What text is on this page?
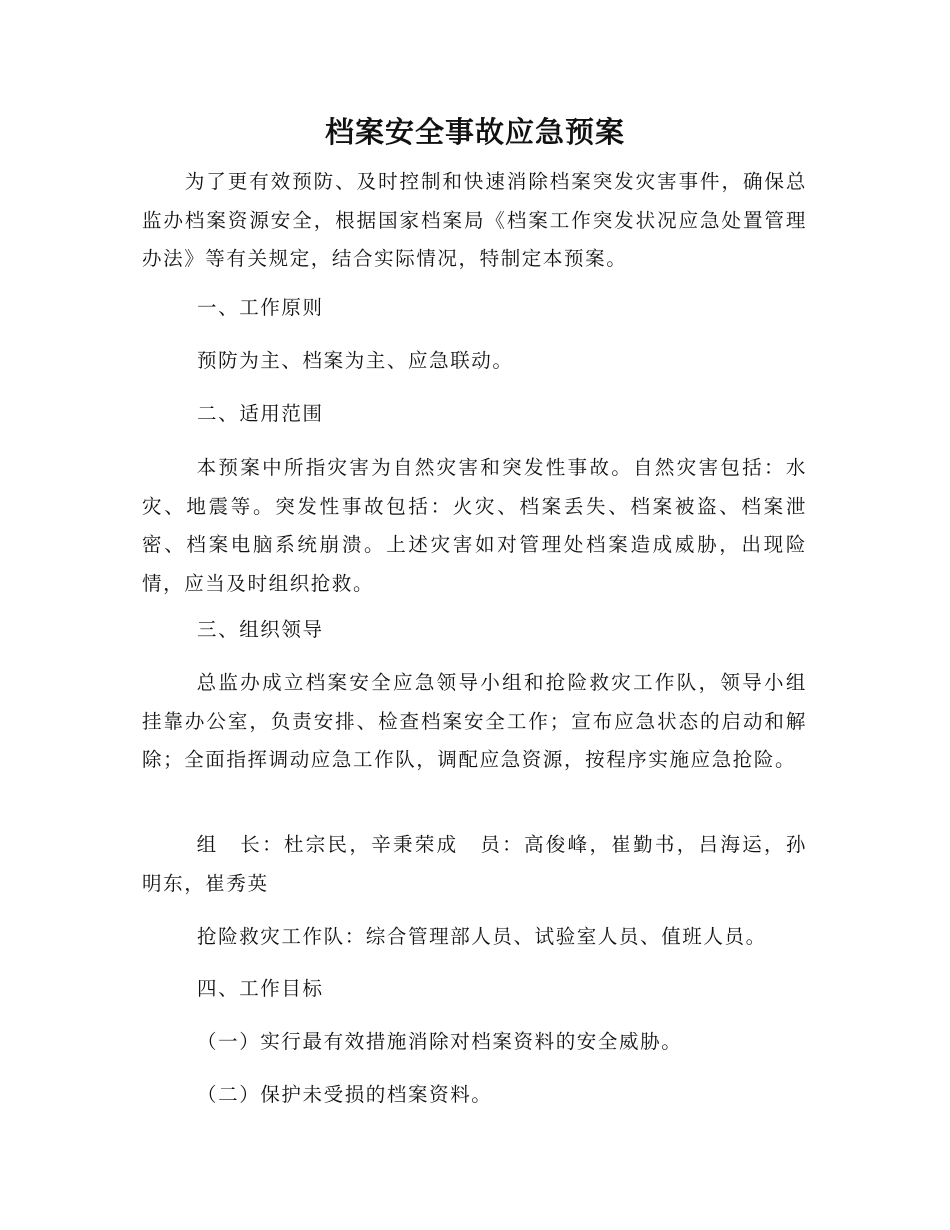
档案安全事故应急预案

为了更有效预防、及时控制和快速消除档案突发灾害事件，确保总监办档案资源安全，根据国家档案局《档案工作突发状况应急处置管理办法》等有关规定，结合实际情况，特制定本预案。

一、工作原则

预防为主、档案为主、应急联动。

二、适用范围

本预案中所指灾害为自然灾害和突发性事故。自然灾害包括：水灾、地震等。突发性事故包括：火灾、档案丢失、档案被盗、档案泄密、档案电脑系统崩溃。上述灾害如对管理处档案造成威胁，出现险情，应当及时组织抢救。

三、组织领导

总监办成立档案安全应急领导小组和抢险救灾工作队，领导小组挂靠办公室，负责安排、检查档案安全工作；宣布应急状态的启动和解除；全面指挥调动应急工作队，调配应急资源，按程序实施应急抢险。

组　长：杜宗民，辛秉荣成　员：高俊峰，崔勤书，吕海运，孙明东，崔秀英

抢险救灾工作队：综合管理部人员、试验室人员、值班人员。

四、工作目标

（一）实行最有效措施消除对档案资料的安全威胁。

（二）保护未受损的档案资料。
